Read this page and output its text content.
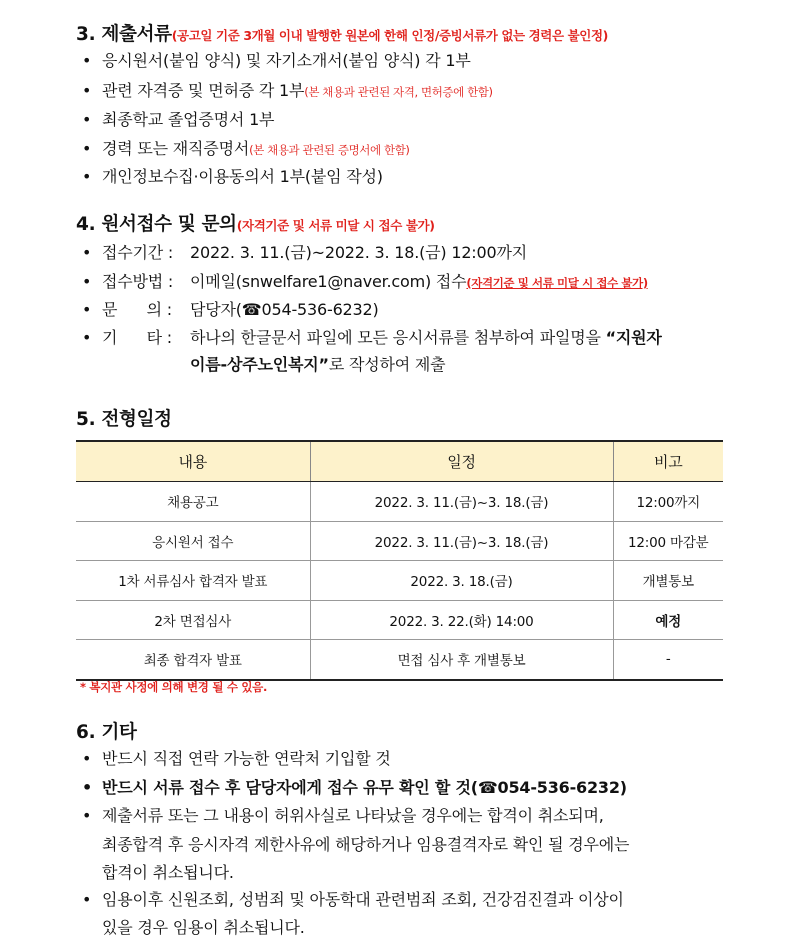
3. 제출서류(공고일 기준 3개월 이내 발행한 원본에 한해 인정/증빙서류가 없는 경력은 불인정)
• 응시원서(붙임 양식) 및 자기소개서(붙임 양식) 각 1부
• 관련 자격증 및 면허증 각 1부(본 채용과 관련된 자격, 면허증에 한함)
• 최종학교 졸업증명서 1부
• 경력 또는 재직증명서(본 채용과 관련된 증명서에 한함)
• 개인정보수집·이용동의서 1부(붙임 작성)
4. 원서접수 및 문의(자격기준 및 서류 미달 시 접수 불가)
• 접수기간 : 2022. 3. 11.(금)~2022. 3. 18.(금) 12:00까지
• 접수방법 : 이메일(snwelfare1@naver.com) 접수(자격기준 및 서류 미달 시 접수 불가)
• 문      의 : 담당자(☎054-536-6232)
• 기      타 : 하나의 한글문서 파일에 모든 응시서류를 첨부하여 파일명을 “지원자
이름-상주노인복지”로 작성하여 제출
5. 전형일정
내용	일정	비고
채용공고	2022. 3. 11.(금)~3. 18.(금)	12:00까지
응시원서 접수	2022. 3. 11.(금)~3. 18.(금)	12:00 마감분
1차 서류심사 합격자 발표	2022. 3. 18.(금)	개별통보
2차 면접심사	2022. 3. 22.(화) 14:00	예정
최종 합격자 발표	면접 심사 후 개별통보	-
* 복지관 사정에 의해 변경 될 수 있음.
6. 기타
• 반드시 직접 연락 가능한 연락처 기입할 것
• 반드시 서류 접수 후 담당자에게 접수 유무 확인 할 것(☎054-536-6232)
• 제출서류 또는 그 내용이 허위사실로 나타났을 경우에는 합격이 취소되며,
최종합격 후 응시자격 제한사유에 해당하거나 임용결격자로 확인 될 경우에는
합격이 취소됩니다.
• 임용이후 신원조회, 성범죄 및 아동학대 관련범죄 조회, 건강검진결과 이상이
있을 경우 임용이 취소됩니다.
